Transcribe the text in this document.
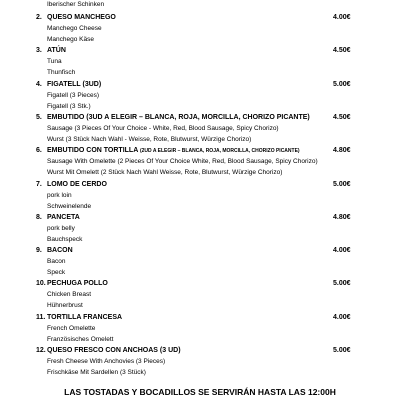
Iberischer Schinken
2. QUESO MANCHEGO	4.00€
Manchego Cheese
Manchego Käse
3. ATÚN	4.50€
Tuna
Thunfisch
4. FIGATELL (3UD)	5.00€
Figatell (3 Pieces)
Figatell (3 Stk.)
5. EMBUTIDO (3UD A ELEGIR – BLANCA, ROJA, MORCILLA, CHORIZO PICANTE)	4.50€
Sausage (3 Pieces Of Your Choice - White, Red, Blood Sausage, Spicy Chorizo)
Wurst (3 Stück Nach Wahl - Weisse, Rote, Blutwurst, Würzige Chorizo)
6. EMBUTIDO CON TORTILLA (2UD A ELEGIR – BLANCA, ROJA, MORCILLA, CHORIZO PICANTE)	4.80€
Sausage With Omelette (2 Pieces Of Your Choice White, Red, Blood Sausage, Spicy Chorizo)
Wurst Mit Omelett (2 Stück Nach Wahl Weisse, Rote, Blutwurst, Würzige Chorizo)
7. LOMO DE CERDO	5.00€
pork loin
Schweinelende
8. PANCETA	4.80€
pork belly
Bauchspeck
9. BACON	4.00€
Bacon
Speck
10. PECHUGA POLLO	5.00€
Chicken Breast
Hühnerbrust
11. TORTILLA FRANCESA	4.00€
French Omelette
Französisches Omelett
12. QUESO FRESCO CON ANCHOAS (3 UD)	5.00€
Fresh Cheese With Anchovies (3 Pieces)
Frischkäse Mit Sardellen (3 Stück)
LAS TOSTADAS Y BOCADILLOS SE SERVIRÁN HASTA LAS 12:00H
